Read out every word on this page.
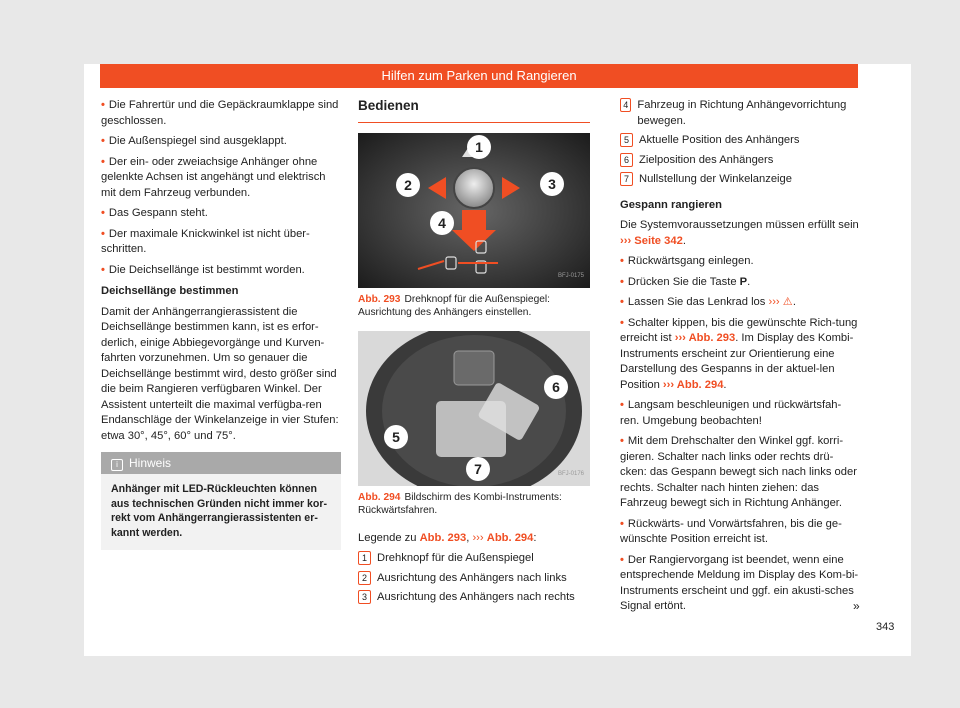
Hilfen zum Parken und Rangieren

• Die Fahrertür und die Gepäckraumklappe sind geschlossen.

• Die Außenspiegel sind ausgeklappt.

• Der ein- oder zweiachsige Anhänger ohne gelenkte Achsen ist angehängt und elektrisch mit dem Fahrzeug verbunden.

• Das Gespann steht.

• Der maximale Knickwinkel ist nicht über-schritten.

• Die Deichsellänge ist bestimmt worden.

Deichsellänge bestimmen

Damit der Anhängerrangierassistent die Deichsellänge bestimmen kann, ist es erfor-derlich, einige Abbiegevorgänge und Kurven-fahrten vorzunehmen. Um so genauer die Deichsellänge bestimmt wird, desto größer sind die beim Rangieren verfügbaren Winkel. Der Assistent unterteilt die maximal verfügba-ren Endanschläge der Winkelanzeige in vier Stufen: etwa 30°, 45°, 60° und 75°.

i Hinweis
Anhänger mit LED-Rückleuchten können aus technischen Gründen nicht immer kor-rekt vom Anhängerrangierassistenten er-kannt werden.
Bedienen
1
2	3
4
BFJ-0175
Abb. 293 Drehknopf für die Außenspiegel: Ausrichtung des Anhängers einstellen.
6
5
7	BFJ-0176
Abb. 294 Bildschirm des Kombi-Instruments: Rückwärtsfahren.

Legende zu Abb. 293, ››› Abb. 294:

1 Drehknopf für die Außenspiegel
2 Ausrichtung des Anhängers nach links
3 Ausrichtung des Anhängers nach rechts
4 Fahrzeug in Richtung Anhängevorrichtung bewegen.
5 Aktuelle Position des Anhängers
6 Zielposition des Anhängers
7 Nullstellung der Winkelanzeige

Gespann rangieren

Die Systemvoraussetzungen müssen erfüllt sein ››› Seite 342.

• Rückwärtsgang einlegen.

• Drücken Sie die Taste P.

• Lassen Sie das Lenkrad los ››› ⚠.

• Schalter kippen, bis die gewünschte Rich-tung erreicht ist ››› Abb. 293. Im Display des Kombi-Instruments erscheint zur Orientierung eine Darstellung des Gespanns in der aktuel-len Position ››› Abb. 294.

• Langsam beschleunigen und rückwärtsfah-ren. Umgebung beobachten!

• Mit dem Drehschalter den Winkel ggf. korri-gieren. Schalter nach links oder rechts drü-cken: das Gespann bewegt sich nach links oder rechts. Schalter nach hinten ziehen: das Fahrzeug bewegt sich in Richtung Anhänger.

• Rückwärts- und Vorwärtsfahren, bis die ge-wünschte Position erreicht ist.

• Der Rangiervorgang ist beendet, wenn eine entsprechende Meldung im Display des Kom-bi-Instruments erscheint und ggf. ein akusti-sches Signal ertönt.	»
343
